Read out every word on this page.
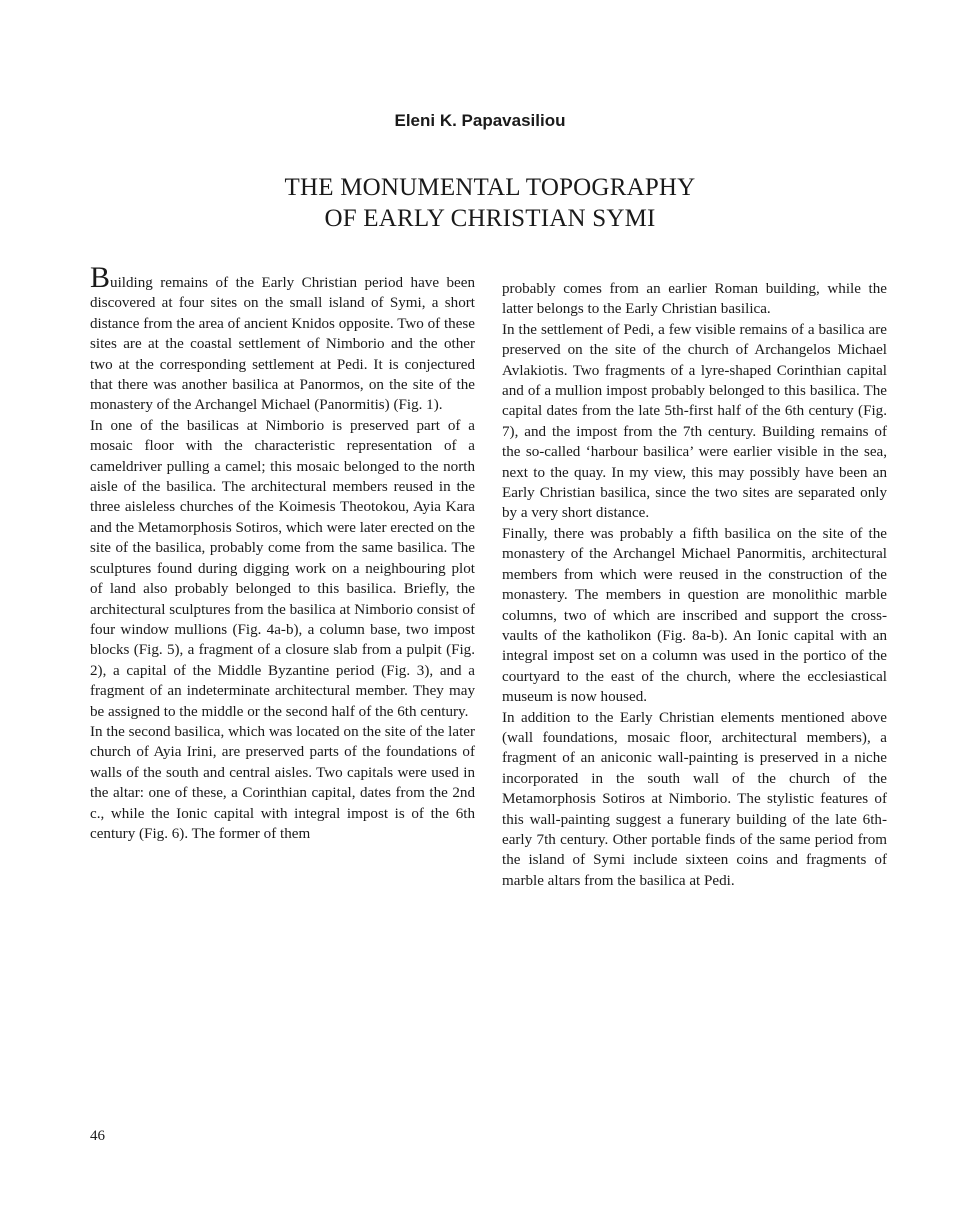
Eleni K. Papavasiliou
THE MONUMENTAL TOPOGRAPHY
OF EARLY CHRISTIAN SYMI

Building remains of the Early Christian period have been discovered at four sites on the small island of Symi, a short distance from the area of ancient Knidos opposite. Two of these sites are at the coastal settlement of Nimborio and the other two at the corresponding settlement at Pedi. It is conjectured that there was another basilica at Panormos, on the site of the monastery of the Archangel Michael (Panormitis) (Fig. 1).

In one of the basilicas at Nimborio is preserved part of a mosaic floor with the characteristic representation of a cameldriver pulling a camel; this mosaic belonged to the north aisle of the basilica. The architectural members reused in the three aisleless churches of the Koimesis Theotokou, Ayia Kara and the Metamorphosis Sotiros, which were later erected on the site of the basilica, probably come from the same basilica. The sculptures found during digging work on a neighbouring plot of land also probably belonged to this basilica. Briefly, the architectural sculptures from the basilica at Nimborio consist of four window mullions (Fig. 4a-b), a column base, two impost blocks (Fig. 5), a fragment of a closure slab from a pulpit (Fig. 2), a capital of the Middle Byzantine period (Fig. 3), and a fragment of an indeterminate architectural member. They may be assigned to the middle or the second half of the 6th century.

In the second basilica, which was located on the site of the later church of Ayia Irini, are preserved parts of the foundations of walls of the south and central aisles. Two capitals were used in the altar: one of these, a Corinthian capital, dates from the 2nd c., while the Ionic capital with integral impost is of the 6th century (Fig. 6). The former of them

probably comes from an earlier Roman building, while the latter belongs to the Early Christian basilica.

In the settlement of Pedi, a few visible remains of a basilica are preserved on the site of the church of Archangelos Michael Avlakiotis. Two fragments of a lyre-shaped Corinthian capital and of a mullion impost probably belonged to this basilica. The capital dates from the late 5th-first half of the 6th century (Fig. 7), and the impost from the 7th century. Building remains of the so-called ‘harbour basilica’ were earlier visible in the sea, next to the quay. In my view, this may possibly have been an Early Christian basilica, since the two sites are separated only by a very short distance.

Finally, there was probably a fifth basilica on the site of the monastery of the Archangel Michael Panormitis, architectural members from which were reused in the construction of the monastery. The members in question are monolithic marble columns, two of which are inscribed and support the cross-vaults of the katholikon (Fig. 8a-b). An Ionic capital with an integral impost set on a column was used in the portico of the courtyard to the east of the church, where the ecclesiastical museum is now housed.

In addition to the Early Christian elements mentioned above (wall foundations, mosaic floor, architectural members), a fragment of an aniconic wall-painting is preserved in a niche incorporated in the south wall of the church of the Metamorphosis Sotiros at Nimborio. The stylistic features of this wall-painting suggest a funerary building of the late 6th-early 7th century. Other portable finds of the same period from the island of Symi include sixteen coins and fragments of marble altars from the basilica at Pedi.

46
